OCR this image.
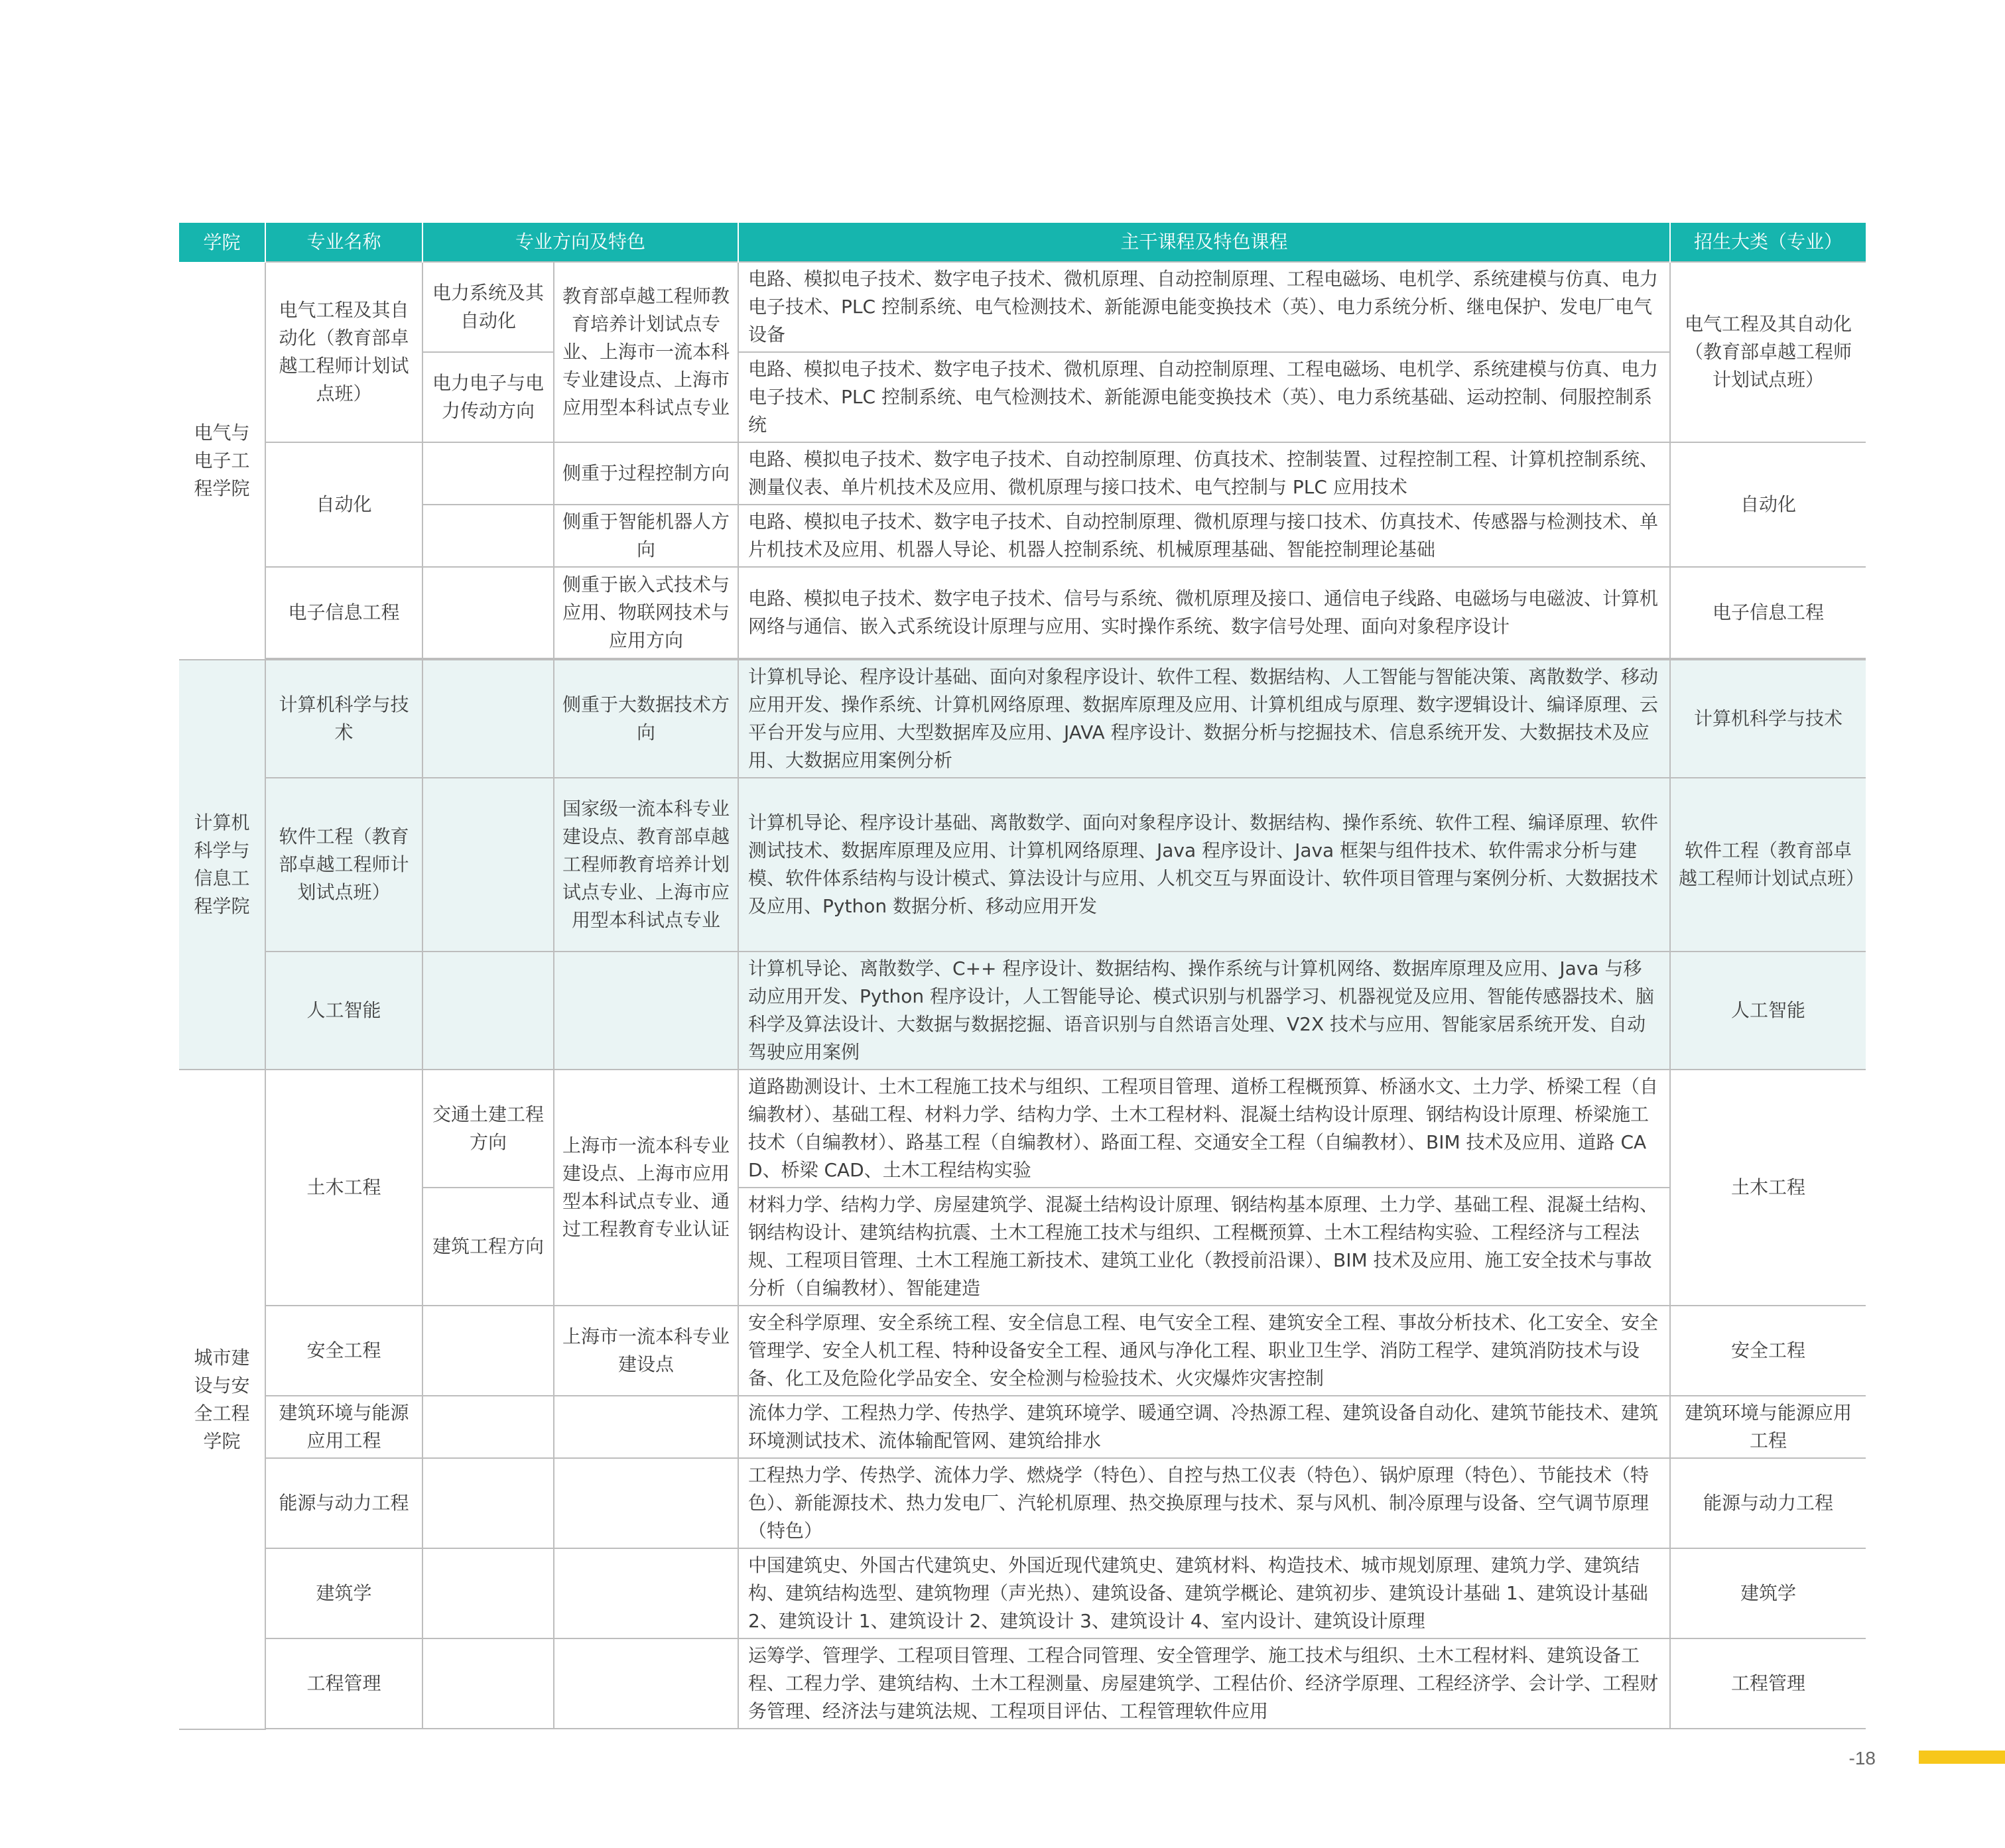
学院	专业名称	专业方向及特色		主干课程及特色课程	招生大类（专业）
电气与电子工程学院	电气工程及其自动化（教育部卓越工程师计划试点班）	电力系统及其自动化	教育部卓越工程师教育培养计划试点专业、上海市一流本科专业建设点、上海市应用型本科试点专业	电路、模拟电子技术、数字电子技术、微机原理、自动控制原理、工程电磁场、电机学、系统建模与仿真、电力电子技术、PLC 控制系统、电气检测技术、新能源电能变换技术（英）、电力系统分析、继电保护、发电厂电气设备	电气工程及其自动化（教育部卓越工程师计划试点班）
		电力电子与电力传动方向		电路、模拟电子技术、数字电子技术、微机原理、自动控制原理、工程电磁场、电机学、系统建模与仿真、电力电子技术、PLC 控制系统、电气检测技术、新能源电能变换技术（英）、电力系统基础、运动控制、伺服控制系统	
	自动化		侧重于过程控制方向	电路、模拟电子技术、数字电子技术、自动控制原理、仿真技术、控制装置、过程控制工程、计算机控制系统、测量仪表、单片机技术及应用、微机原理与接口技术、电气控制与 PLC 应用技术	自动化
			侧重于智能机器人方向	电路、模拟电子技术、数字电子技术、自动控制原理、微机原理与接口技术、仿真技术、传感器与检测技术、单片机技术及应用、机器人导论、机器人控制系统、机械原理基础、智能控制理论基础	
	电子信息工程		侧重于嵌入式技术与应用、物联网技术与应用方向	电路、模拟电子技术、数字电子技术、信号与系统、微机原理及接口、通信电子线路、电磁场与电磁波、计算机网络与通信、嵌入式系统设计原理与应用、实时操作系统、数字信号处理、面向对象程序设计	电子信息工程

计算机科学与信息工程学院	计算机科学与技术		侧重于大数据技术方向	计算机导论、程序设计基础、面向对象程序设计、软件工程、数据结构、人工智能与智能决策、离散数学、移动应用开发、操作系统、计算机网络原理、数据库原理及应用、计算机组成与原理、数字逻辑设计、编译原理、云平台开发与应用、大型数据库及应用、JAVA 程序设计、数据分析与挖掘技术、信息系统开发、大数据技术及应用、大数据应用案例分析	计算机科学与技术
	软件工程（教育部卓越工程师计划试点班）		国家级一流本科专业建设点、教育部卓越工程师教育培养计划试点专业、上海市应用型本科试点专业	计算机导论、程序设计基础、离散数学、面向对象程序设计、数据结构、操作系统、软件工程、编译原理、软件测试技术、数据库原理及应用、计算机网络原理、Java 程序设计、Java 框架与组件技术、软件需求分析与建模、软件体系结构与设计模式、算法设计与应用、人机交互与界面设计、软件项目管理与案例分析、大数据技术及应用、Python 数据分析、移动应用开发	软件工程（教育部卓越工程师计划试点班）
	人工智能			计算机导论、离散数学、C++ 程序设计、数据结构、操作系统与计算机网络、数据库原理及应用、Java 与移动应用开发、Python 程序设计，人工智能导论、模式识别与机器学习、机器视觉及应用、智能传感器技术、脑科学及算法设计、大数据与数据挖掘、语音识别与自然语言处理、V2X 技术与应用、智能家居系统开发、自动驾驶应用案例	人工智能
城市建设与安全工程学院	土木工程	交通土建工程方向	上海市一流本科专业建设点、上海市应用型本科试点专业、通过工程教育专业认证	道路勘测设计、土木工程施工技术与组织、工程项目管理、道桥工程概预算、桥涵水文、土力学、桥梁工程（自编教材）、基础工程、材料力学、结构力学、土木工程材料、混凝土结构设计原理、钢结构设计原理、桥梁施工技术（自编教材）、路基工程（自编教材）、路面工程、交通安全工程（自编教材）、BIM 技术及应用、道路 CAD、桥梁 CAD、土木工程结构实验	土木工程
		建筑工程方向		材料力学、结构力学、房屋建筑学、混凝土结构设计原理、钢结构基本原理、土力学、基础工程、混凝土结构、钢结构设计、建筑结构抗震、土木工程施工技术与组织、工程概预算、土木工程结构实验、工程经济与工程法规、工程项目管理、土木工程施工新技术、建筑工业化（教授前沿课）、BIM 技术及应用、施工安全技术与事故分析（自编教材）、智能建造	
	安全工程		上海市一流本科专业建设点	安全科学原理、安全系统工程、安全信息工程、电气安全工程、建筑安全工程、事故分析技术、化工安全、安全管理学、安全人机工程、特种设备安全工程、通风与净化工程、职业卫生学、消防工程学、建筑消防技术与设备、化工及危险化学品安全、安全检测与检验技术、火灾爆炸灾害控制	安全工程
	建筑环境与能源应用工程			流体力学、工程热力学、传热学、建筑环境学、暖通空调、冷热源工程、建筑设备自动化、建筑节能技术、建筑环境测试技术、流体输配管网、建筑给排水	建筑环境与能源应用工程
	能源与动力工程			工程热力学、传热学、流体力学、燃烧学（特色）、自控与热工仪表（特色）、锅炉原理（特色）、节能技术（特色）、新能源技术、热力发电厂、汽轮机原理、热交换原理与技术、泵与风机、制冷原理与设备、空气调节原理（特色）	能源与动力工程
	建筑学			中国建筑史、外国古代建筑史、外国近现代建筑史、建筑材料、构造技术、城市规划原理、建筑力学、建筑结构、建筑结构选型、建筑物理（声光热）、建筑设备、建筑学概论、建筑初步、建筑设计基础 1、建筑设计基础 2、建筑设计 1、建筑设计 2、建筑设计 3、建筑设计 4、室内设计、建筑设计原理	建筑学
	工程管理			运筹学、管理学、工程项目管理、工程合同管理、安全管理学、施工技术与组织、土木工程材料、建筑设备工程、工程力学、建筑结构、土木工程测量、房屋建筑学、工程估价、经济学原理、工程经济学、会计学、工程财务管理、经济法与建筑法规、工程项目评估、工程管理软件应用	工程管理

-18
